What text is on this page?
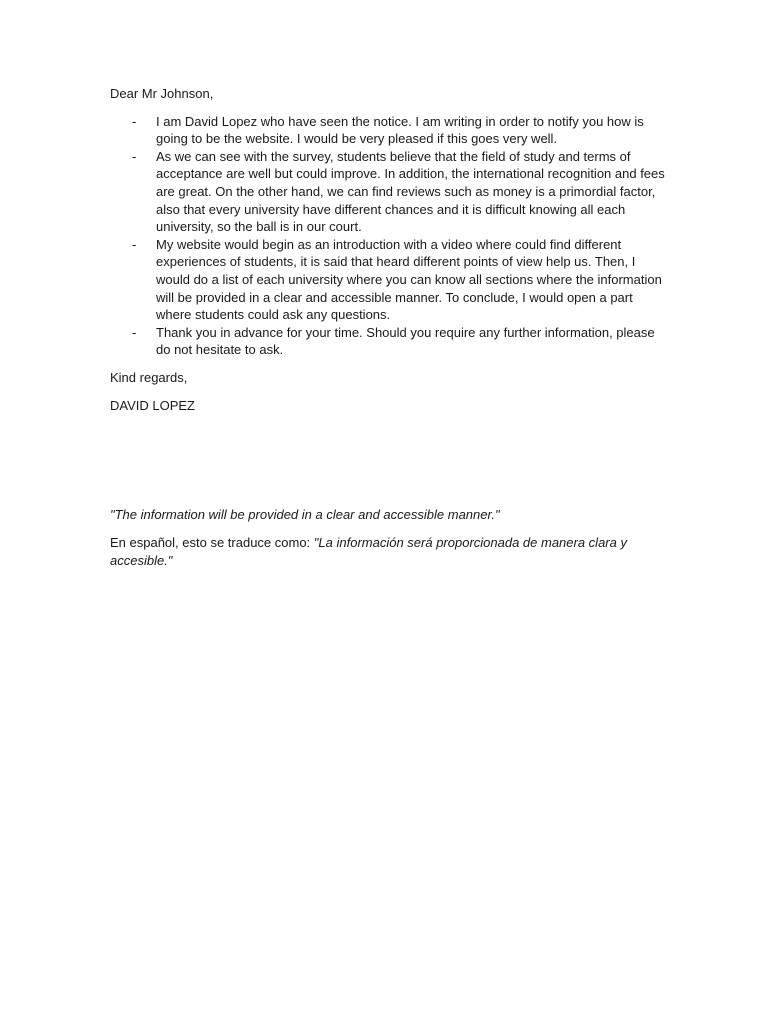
Dear Mr Johnson,

- I am David Lopez who have seen the notice. I am writing in order to notify you how is going to be the website. I would be very pleased if this goes very well.
- As we can see with the survey, students believe that the field of study and terms of acceptance are well but could improve. In addition, the international recognition and fees are great. On the other hand, we can find reviews such as money is a primordial factor, also that every university have different chances and it is difficult knowing all each university, so the ball is in our court.
- My website would begin as an introduction with a video where could find different experiences of students, it is said that heard different points of view help us. Then, I would do a list of each university where you can know all sections where the information will be provided in a clear and accessible manner. To conclude, I would open a part where students could ask any questions.
- Thank you in advance for your time. Should you require any further information, please do not hesitate to ask.

Kind regards,

DAVID LOPEZ

"The information will be provided in a clear and accessible manner."

En español, esto se traduce como: "La información será proporcionada de manera clara y accesible."
